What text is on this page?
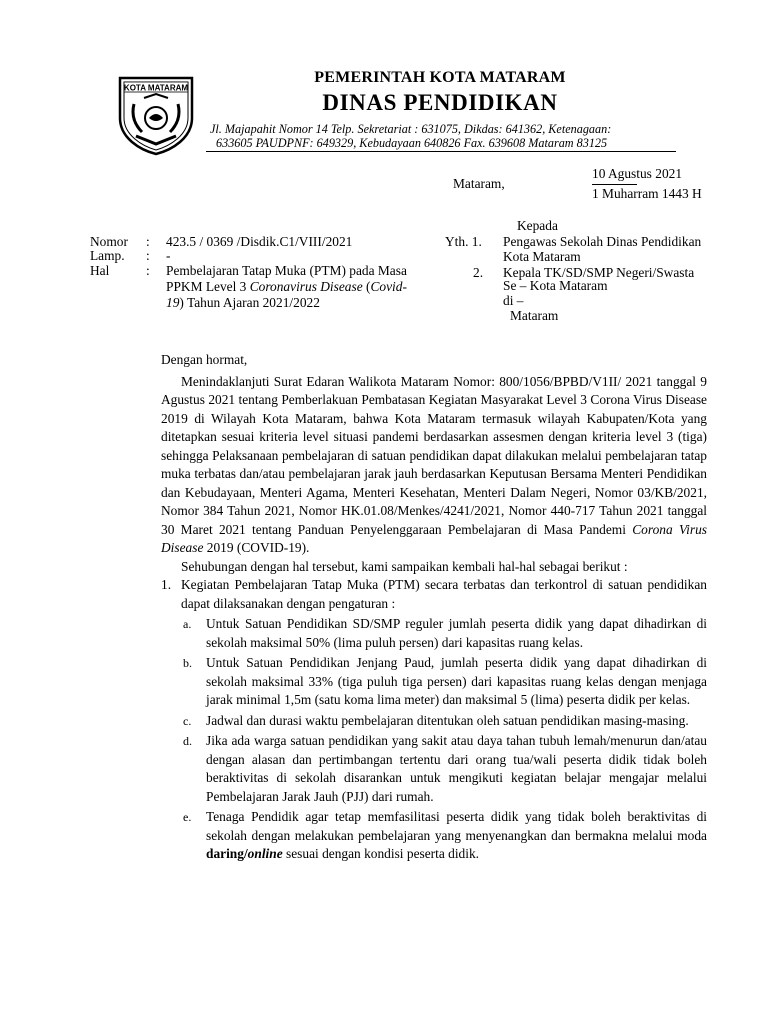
KOTA MATARAM
PEMERINTAH KOTA MATARAM
DINAS PENDIDIKAN
Jl. Majapahit Nomor 14 Telp. Sekretariat : 631075, Dikdas: 641362, Ketenagaan:
633605 PAUDPNF: 649329, Kebudayaan 640826 Fax. 639608 Mataram 83125
Mataram,
10 Agustus 2021
1 Muharram 1443 H
Kepada
Yth. 1. Pengawas Sekolah Dinas Pendidikan
Kota Mataram
2. Kepala TK/SD/SMP Negeri/Swasta
Se – Kota Mataram
di –
Mataram
Nomor : 423.5 / 0369 /Disdik.C1/VIII/2021
Lamp. : -
Hal	: Pembelajaran Tatap Muka (PTM) pada Masa
PPKM Level 3 Coronavirus Disease (Covid-
19) Tahun Ajaran 2021/2022

Dengan hormat,

Menindaklanjuti Surat Edaran Walikota Mataram Nomor: 800/1056/BPBD/V1II/ 2021 tanggal 9 Agustus 2021 tentang Pemberlakuan Pembatasan Kegiatan Masyarakat Level 3 Corona Virus Disease 2019 di Wilayah Kota Mataram, bahwa Kota Mataram termasuk wilayah Kabupaten/Kota yang ditetapkan sesuai kriteria level situasi pandemi berdasarkan assesmen dengan kriteria level 3 (tiga) sehingga Pelaksanaan pembelajaran di satuan pendidikan dapat dilakukan melalui pembelajaran tatap muka terbatas dan/atau pembelajaran jarak jauh berdasarkan Keputusan Bersama Menteri Pendidikan dan Kebudayaan, Menteri Agama, Menteri Kesehatan, Menteri Dalam Negeri, Nomor 03/KB/2021, Nomor 384 Tahun 2021, Nomor HK.01.08/Menkes/4241/2021, Nomor 440-717 Tahun 2021 tanggal 30 Maret 2021 tentang Panduan Penyelenggaraan Pembelajaran di Masa Pandemi Corona Virus Disease 2019 (COVID-19).

Sehubungan dengan hal tersebut, kami sampaikan kembali hal-hal sebagai berikut :

1. Kegiatan Pembelajaran Tatap Muka (PTM) secara terbatas dan terkontrol di satuan pendidikan dapat dilaksanakan dengan pengaturan :

a. Untuk Satuan Pendidikan SD/SMP reguler jumlah peserta didik yang dapat dihadirkan di sekolah maksimal 50% (lima puluh persen) dari kapasitas ruang kelas.

b. Untuk Satuan Pendidikan Jenjang Paud, jumlah peserta didik yang dapat dihadirkan di sekolah maksimal 33% (tiga puluh tiga persen) dari kapasitas ruang kelas dengan menjaga jarak minimal 1,5m (satu koma lima meter) dan maksimal 5 (lima) peserta didik per kelas.

c. Jadwal dan durasi waktu pembelajaran ditentukan oleh satuan pendidikan masing-masing.

d. Jika ada warga satuan pendidikan yang sakit atau daya tahan tubuh lemah/menurun dan/atau dengan alasan dan pertimbangan tertentu dari orang tua/wali peserta didik tidak boleh beraktivitas di sekolah disarankan untuk mengikuti kegiatan belajar mengajar melalui Pembelajaran Jarak Jauh (PJJ) dari rumah.

e. Tenaga Pendidik agar tetap memfasilitasi peserta didik yang tidak boleh beraktivitas di sekolah dengan melakukan pembelajaran yang menyenangkan dan bermakna melalui moda daring/online sesuai dengan kondisi peserta didik.
